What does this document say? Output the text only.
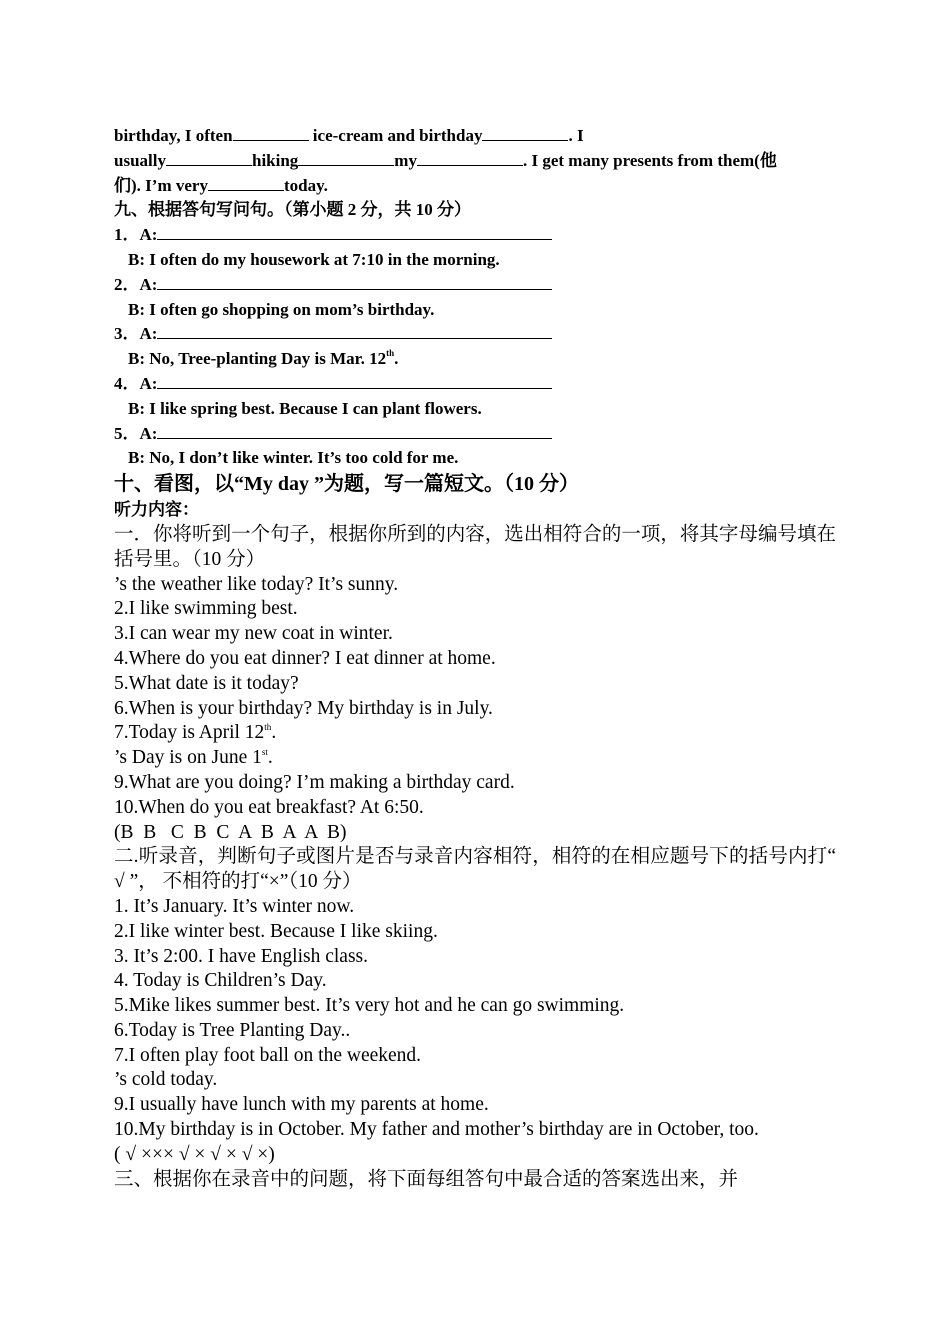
birthday, I often	ice-cream and birthday	. I
usually	hiking	my	. I get many presents from them(他
们). I’m very	today.
九、根据答句写问句。（第小题 2 分，共 10 分）
1．A:
B: I often do my housework at 7:10 in the morning.
2．A:
B: I often go shopping on mom’s birthday.
3．A:
B: No, Tree-planting Day is Mar. 12th.
4．A:
B: I like spring best. Because I can plant flowers.
5．A:
B: No, I don’t like winter. It’s too cold for me.
十、看图，以“My day ”为题，写一篇短文。（10 分）
听力内容：
一．你将听到一个句子，根据你所到的内容，选出相符合的一项，将其字母编号填在括号里。（10 分）
’s the weather like today? It’s sunny.
2.I like swimming best.
3.I can wear my new coat in winter.
4.Where do you eat dinner? I eat dinner at home.
5.What date is it today?
6.When is your birthday? My birthday is in July.
7.Today is April 12th.
’s Day is on June 1st.
9.What are you doing? I’m making a birthday card.
10.When do you eat breakfast? At 6:50.
(B  B   C  B  C  A  B  A  A  B)
二.听录音，判断句子或图片是否与录音内容相符，相符的在相应题号下的括号内打“ √ ”， 不相符的打“×”（10 分）
1. It’s January. It’s winter now.
2.I like winter best. Because I like skiing.
3. It’s 2:00. I have English class.
4. Today is Children’s Day.
5.Mike likes summer best. It’s very hot and he can go swimming.
6.Today is Tree Planting Day..
7.I often play foot ball on the weekend.
’s cold today.
9.I usually have lunch with my parents at home.
10.My birthday is in October. My father and mother’s birthday are in October, too.
( √ ××× √ × √ × √ ×)
三、根据你在录音中的问题，将下面每组答句中最合适的答案选出来，并
